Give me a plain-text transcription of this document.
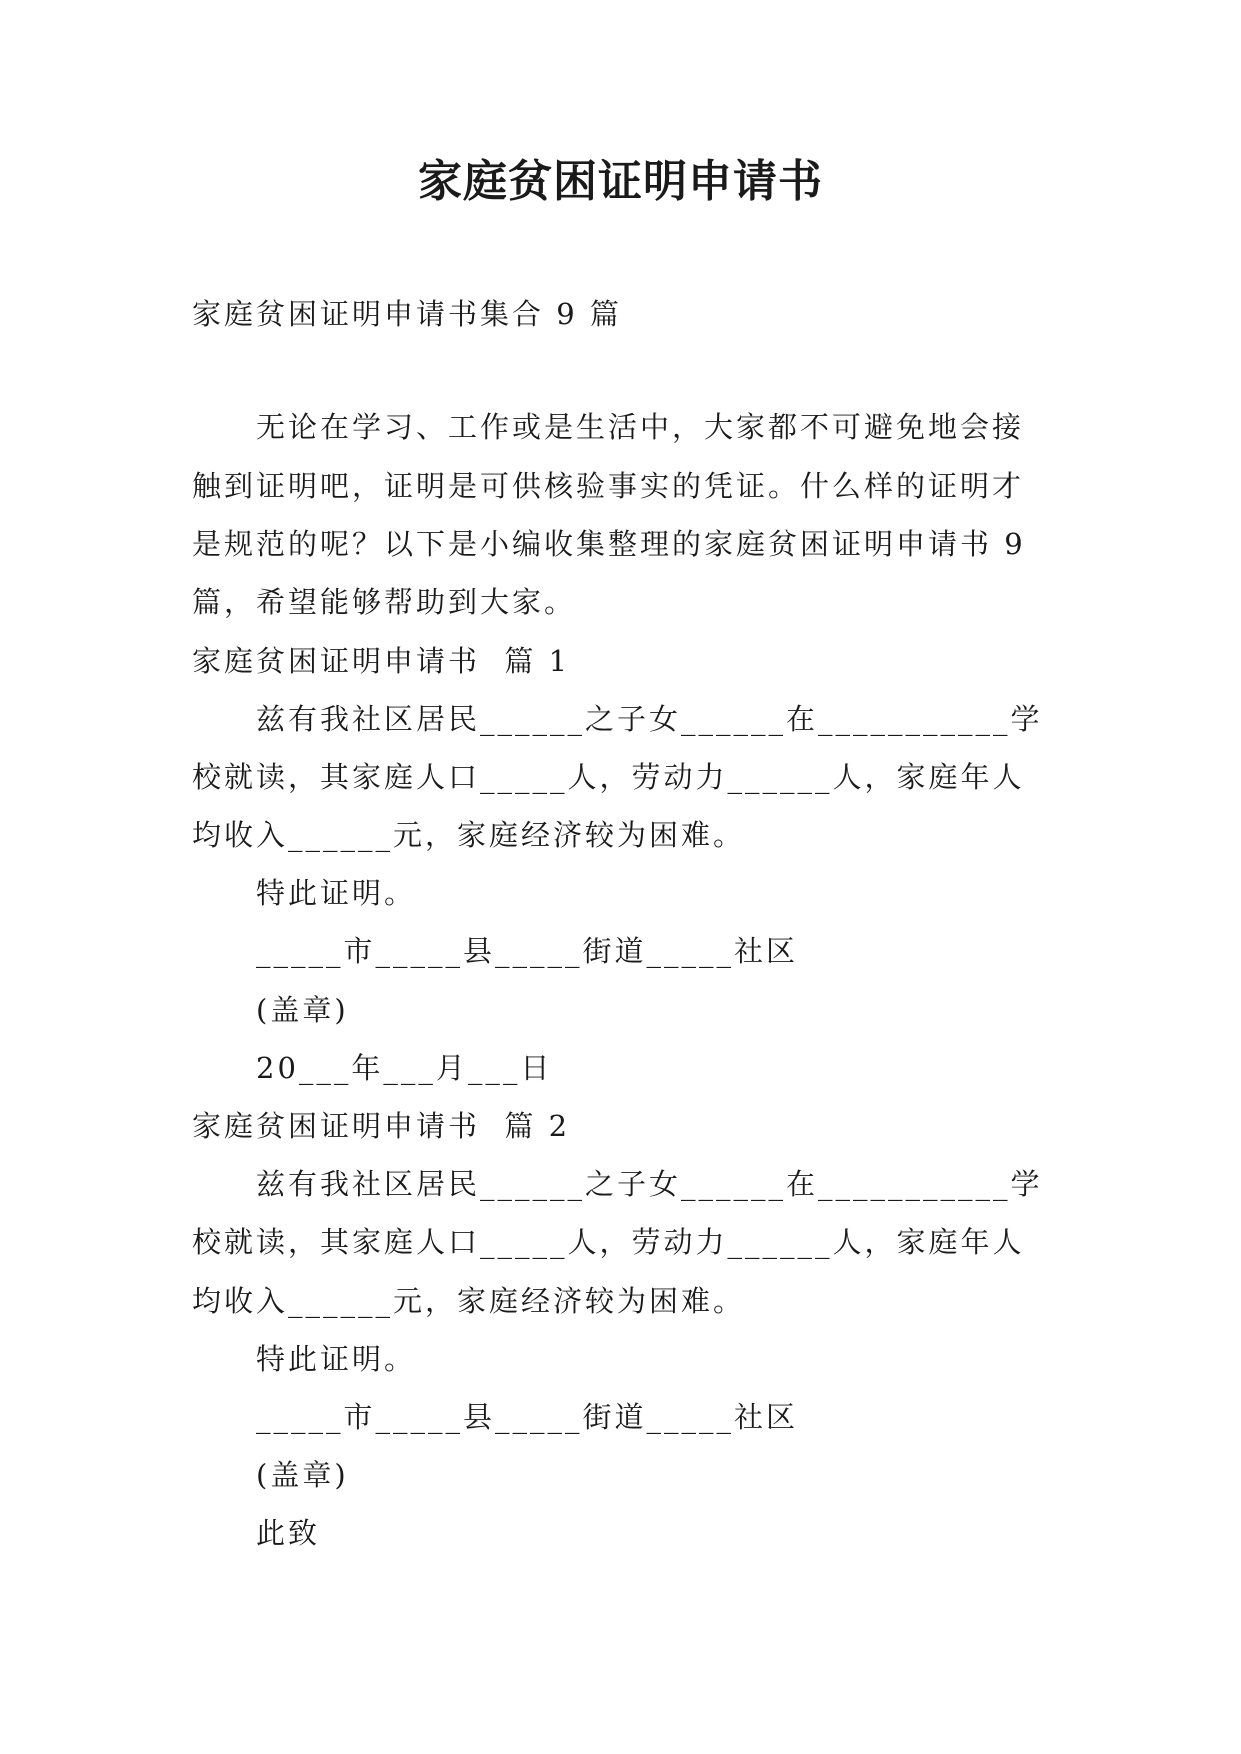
家庭贫困证明申请书

家庭贫困证明申请书集合 9 篇

无论在学习、工作或是生活中，大家都不可避免地会接

触到证明吧，证明是可供核验事实的凭证。什么样的证明才

是规范的呢？以下是小编收集整理的家庭贫困证明申请书 9

篇，希望能够帮助到大家。

家庭贫困证明申请书  篇 1

兹有我社区居民______之子女______在___________学

校就读，其家庭人口_____人，劳动力______人，家庭年人

均收入______元，家庭经济较为困难。

特此证明。

_____市_____县_____街道_____社区

(盖章)

20___年___月___日

家庭贫困证明申请书  篇 2

兹有我社区居民______之子女______在___________学

校就读，其家庭人口_____人，劳动力______人，家庭年人

均收入______元，家庭经济较为困难。

特此证明。

_____市_____县_____街道_____社区

(盖章)

此致
